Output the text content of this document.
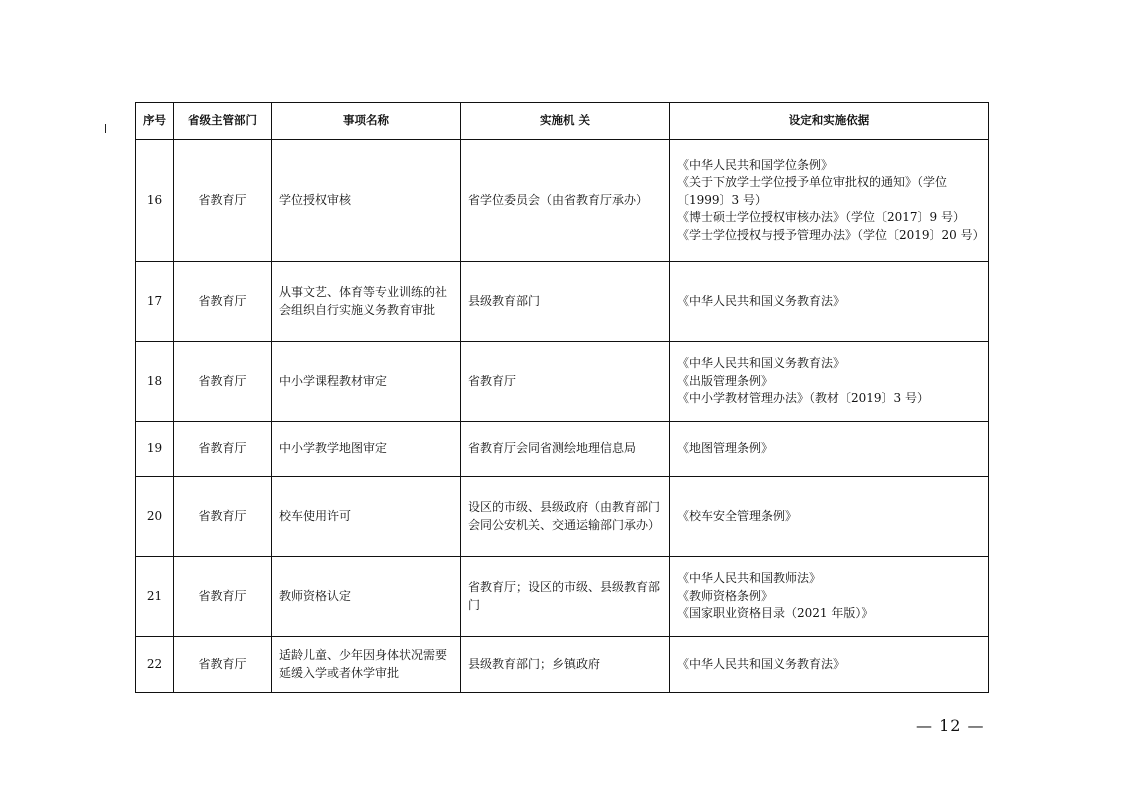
序号	省级主管部门	事项名称	实施机 关	设定和实施依据
16	省教育厅	学位授权审核	省学位委员会（由省教育厅承办）	《中华人民共和国学位条例》
《关于下放学士学位授予单位审批权的通知》（学位〔1999〕3 号）
《博士硕士学位授权审核办法》（学位〔2017〕9 号）
《学士学位授权与授予管理办法》（学位〔2019〕20 号）

17	省教育厅	从事文艺、体育等专业训练的社会组织自行实施义务教育审批	县级教育部门	《中华人民共和国义务教育法》

18	省教育厅	中小学课程教材审定	省教育厅	《中华人民共和国义务教育法》
《出版管理条例》
《中小学教材管理办法》（教材〔2019〕3 号）

19	省教育厅	中小学教学地图审定	省教育厅会同省测绘地理信息局	《地图管理条例》

20	省教育厅	校车使用许可	设区的市级、县级政府（由教育部门会同公安机关、交通运输部门承办）	《校车安全管理条例》

21	省教育厅	教师资格认定	省教育厅；设区的市级、县级教育部门	《中华人民共和国教师法》
《教师资格条例》
《国家职业资格目录（2021 年版）》

22	省教育厅	适龄儿童、少年因身体状况需要延缓入学或者休学审批	县级教育部门；乡镇政府	《中华人民共和国义务教育法》
— 12 —
